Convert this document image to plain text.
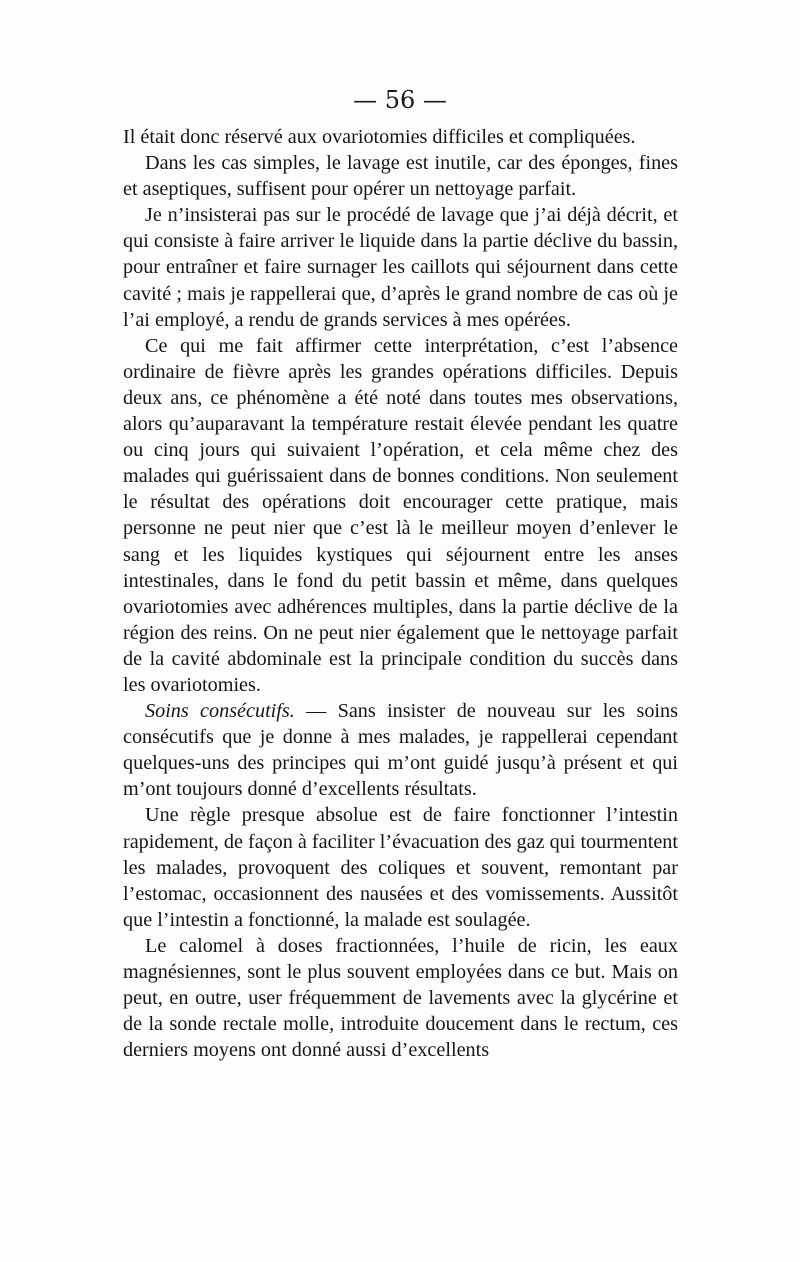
— 56 —

Il était donc réservé aux ovariotomies difficiles et compliquées.

Dans les cas simples, le lavage est inutile, car des éponges, fines et aseptiques, suffisent pour opérer un nettoyage parfait.

Je n’insisterai pas sur le procédé de lavage que j’ai déjà décrit, et qui consiste à faire arriver le liquide dans la partie déclive du bassin, pour entraîner et faire surnager les caillots qui séjournent dans cette cavité ; mais je rappellerai que, d’après le grand nombre de cas où je l’ai employé, a rendu de grands services à mes opérées.

Ce qui me fait affirmer cette interprétation, c’est l’absence ordinaire de fièvre après les grandes opérations difficiles. Depuis deux ans, ce phénomène a été noté dans toutes mes observations, alors qu’auparavant la température restait élevée pendant les quatre ou cinq jours qui suivaient l’opération, et cela même chez des malades qui guérissaient dans de bonnes conditions. Non seulement le résultat des opérations doit encourager cette pratique, mais personne ne peut nier que c’est là le meilleur moyen d’enlever le sang et les liquides kystiques qui séjournent entre les anses intestinales, dans le fond du petit bassin et même, dans quelques ovariotomies avec adhérences multiples, dans la partie déclive de la région des reins. On ne peut nier également que le nettoyage parfait de la cavité abdominale est la principale condition du succès dans les ovariotomies.

Soins consécutifs. — Sans insister de nouveau sur les soins consécutifs que je donne à mes malades, je rappellerai cependant quelques-uns des principes qui m’ont guidé jusqu’à présent et qui m’ont toujours donné d’excellents résultats.

Une règle presque absolue est de faire fonctionner l’intestin rapidement, de façon à faciliter l’évacuation des gaz qui tourmentent les malades, provoquent des coliques et souvent, remontant par l’estomac, occasionnent des nausées et des vomissements. Aussitôt que l’intestin a fonctionné, la malade est soulagée.

Le calomel à doses fractionnées, l’huile de ricin, les eaux magnésiennes, sont le plus souvent employées dans ce but. Mais on peut, en outre, user fréquemment de lavements avec la glycérine et de la sonde rectale molle, introduite doucement dans le rectum, ces derniers moyens ont donné aussi d’excellents
